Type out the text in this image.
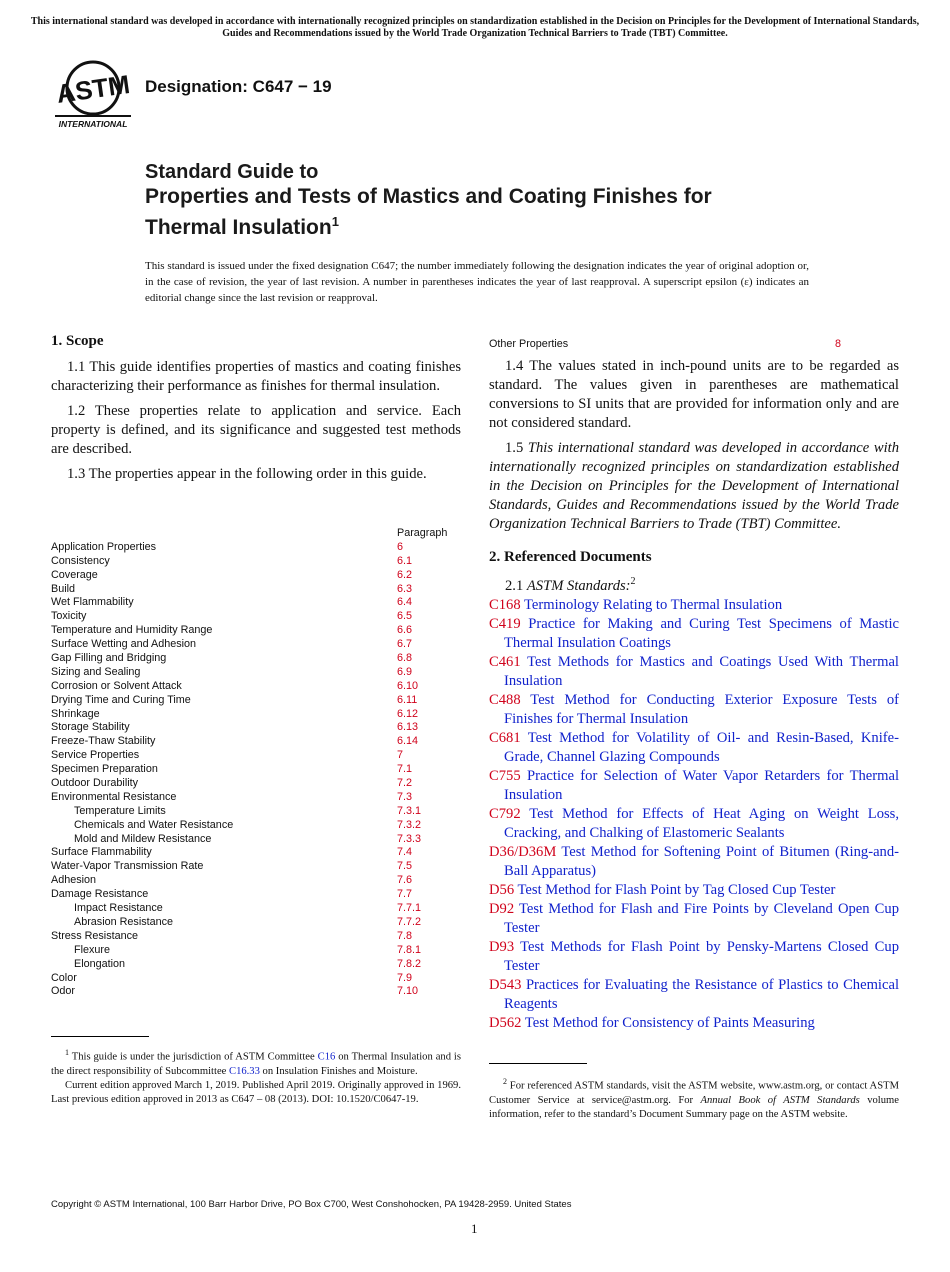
This international standard was developed in accordance with internationally recognized principles on standardization established in the Decision on Principles for the Development of International Standards, Guides and Recommendations issued by the World Trade Organization Technical Barriers to Trade (TBT) Committee.
ASTM
INTERNATIONAL
Designation: C647 − 19
Standard Guide to
Properties and Tests of Mastics and Coating Finishes for Thermal Insulation$^1$
This standard is issued under the fixed designation C647; the number immediately following the designation indicates the year of original adoption or, in the case of revision, the year of last revision. A number in parentheses indicates the year of last reapproval. A superscript epsilon (ε) indicates an editorial change since the last revision or reapproval.
1. Scope

1.1 This guide identifies properties of mastics and coating finishes characterizing their performance as finishes for thermal insulation.

1.2 These properties relate to application and service. Each property is defined, and its significance and suggested test methods are described.

1.3 The properties appear in the following order in this guide.

Paragraph
Application Properties	6
Consistency	6.1
Coverage	6.2
Build	6.3
Wet Flammability	6.4
Toxicity	6.5
Temperature and Humidity Range	6.6
Surface Wetting and Adhesion	6.7
Gap Filling and Bridging	6.8
Sizing and Sealing	6.9
Corrosion or Solvent Attack	6.10
Drying Time and Curing Time	6.11
Shrinkage	6.12
Storage Stability	6.13
Freeze-Thaw Stability	6.14
Service Properties	7
Specimen Preparation	7.1
Outdoor Durability	7.2
Environmental Resistance	7.3
Temperature Limits	7.3.1
Chemicals and Water Resistance	7.3.2
Mold and Mildew Resistance	7.3.3
Surface Flammability	7.4
Water-Vapor Transmission Rate	7.5
Adhesion	7.6
Damage Resistance	7.7
Impact Resistance	7.7.1
Abrasion Resistance	7.7.2
Stress Resistance	7.8
Flexure	7.8.1
Elongation	7.8.2
Color	7.9
Odor	7.10
Other Properties	8

1.4 The values stated in inch-pound units are to be regarded as standard. The values given in parentheses are mathematical conversions to SI units that are provided for information only and are not considered standard.

1.5 This international standard was developed in accordance with internationally recognized principles on standardization established in the Decision on Principles for the Development of International Standards, Guides and Recommendations issued by the World Trade Organization Technical Barriers to Trade (TBT) Committee.

2. Referenced Documents
2.1 ASTM Standards:$^2$
C168 Terminology Relating to Thermal Insulation
C419 Practice for Making and Curing Test Specimens of Mastic Thermal Insulation Coatings
C461 Test Methods for Mastics and Coatings Used With Thermal Insulation
C488 Test Method for Conducting Exterior Exposure Tests of Finishes for Thermal Insulation
C681 Test Method for Volatility of Oil- and Resin-Based, Knife-Grade, Channel Glazing Compounds
C755 Practice for Selection of Water Vapor Retarders for Thermal Insulation
C792 Test Method for Effects of Heat Aging on Weight Loss, Cracking, and Chalking of Elastomeric Sealants
D36/D36M Test Method for Softening Point of Bitumen (Ring-and-Ball Apparatus)
D56 Test Method for Flash Point by Tag Closed Cup Tester
D92 Test Method for Flash and Fire Points by Cleveland Open Cup Tester
D93 Test Methods for Flash Point by Pensky-Martens Closed Cup Tester
D543 Practices for Evaluating the Resistance of Plastics to Chemical Reagents
D562 Test Method for Consistency of Paints Measuring

$^1$ This guide is under the jurisdiction of ASTM Committee C16 on Thermal Insulation and is the direct responsibility of Subcommittee C16.33 on Insulation Finishes and Moisture.

Current edition approved March 1, 2019. Published April 2019. Originally approved in 1969. Last previous edition approved in 2013 as C647 – 08 (2013). DOI: 10.1520/C0647-19.

$^2$ For referenced ASTM standards, visit the ASTM website, www.astm.org, or contact ASTM Customer Service at service@astm.org. For Annual Book of ASTM Standards volume information, refer to the standard’s Document Summary page on the ASTM website.

Copyright © ASTM International, 100 Barr Harbor Drive, PO Box C700, West Conshohocken, PA 19428-2959. United States
1
